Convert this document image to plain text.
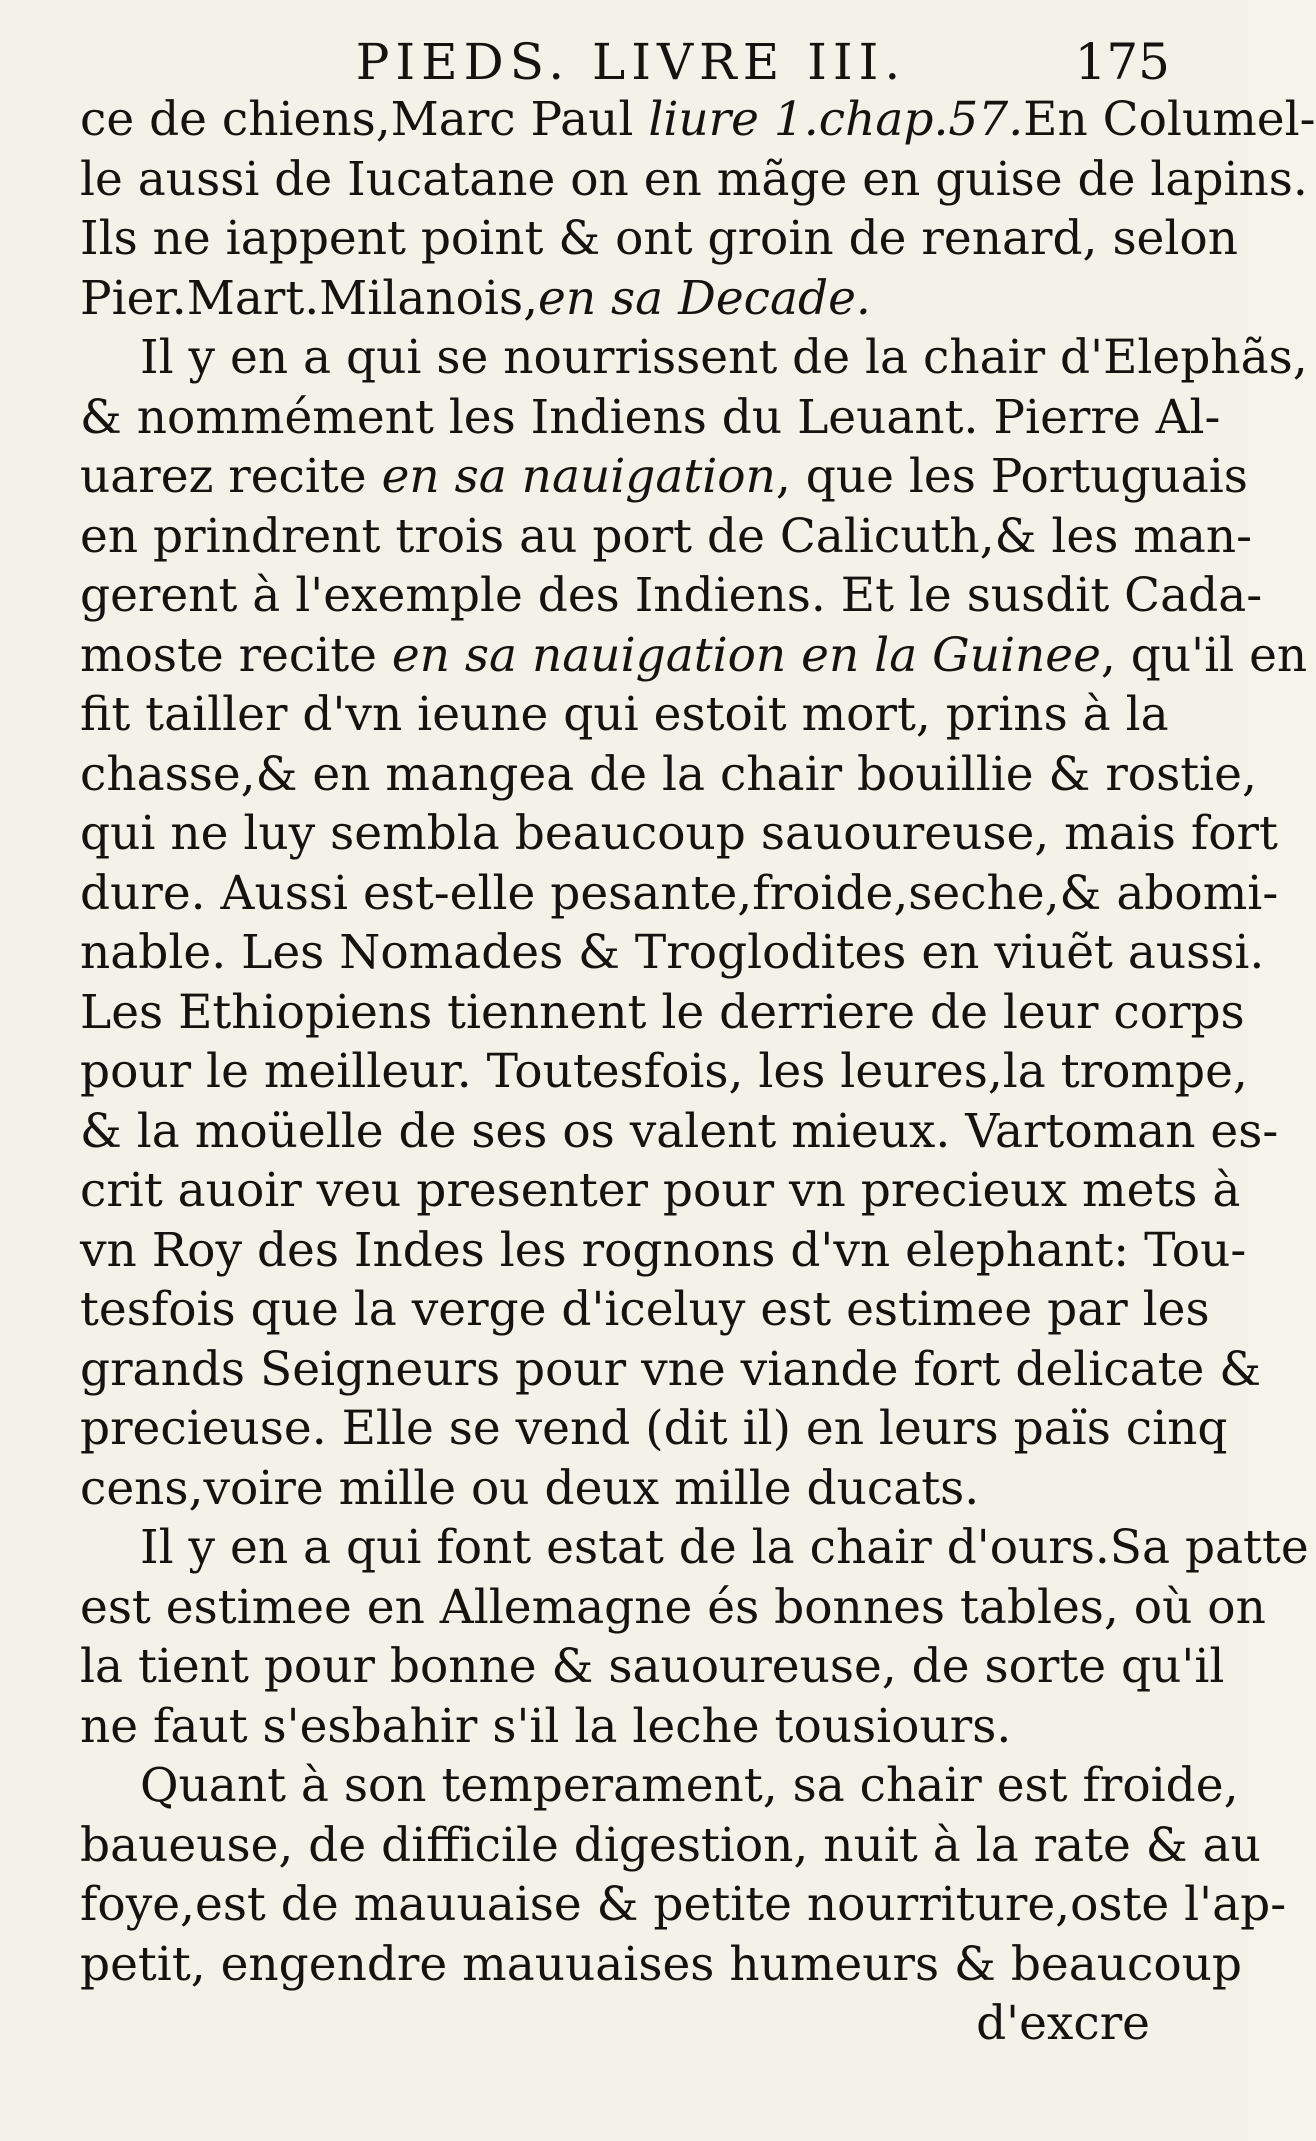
PIEDS. LIVRE III.	175
ce de chiens,Marc Paul liure 1.chap.57.En Columel-
le aussi de Iucatane on en mãge en guise de lapins.
Ils ne iappent point & ont groin de renard, selon
Pier.Mart.Milanois,en sa Decade.
Il y en a qui se nourrissent de la chair d'Elephãs,
& nommément les Indiens du Leuant. Pierre Al-
uarez recite en sa nauigation, que les Portuguais
en prindrent trois au port de Calicuth,& les man-
gerent à l'exemple des Indiens. Et le susdit Cada-
moste recite en sa nauigation en la Guinee, qu'il en
fit tailler d'vn ieune qui estoit mort, prins à la
chasse,& en mangea de la chair bouillie & rostie,
qui ne luy sembla beaucoup sauoureuse, mais fort
dure. Aussi est-elle pesante,froide,seche,& abomi-
nable. Les Nomades & Troglodites en viuẽt aussi.
Les Ethiopiens tiennent le derriere de leur corps
pour le meilleur. Toutesfois, les leures,la trompe,
& la moüelle de ses os valent mieux. Vartoman es-
crit auoir veu presenter pour vn precieux mets à
vn Roy des Indes les rognons d'vn elephant: Tou-
tesfois que la verge d'iceluy est estimee par les
grands Seigneurs pour vne viande fort delicate &
precieuse. Elle se vend (dit il) en leurs païs cinq
cens,voire mille ou deux mille ducats.
Il y en a qui font estat de la chair d'ours.Sa patte
est estimee en Allemagne és bonnes tables, où on
la tient pour bonne & sauoureuse, de sorte qu'il
ne faut s'esbahir s'il la leche tousiours.
Quant à son temperament, sa chair est froide,
baueuse, de difficile digestion, nuit à la rate & au
foye,est de mauuaise & petite nourriture,oste l'ap-
petit, engendre mauuaises humeurs & beaucoup
d'excre
